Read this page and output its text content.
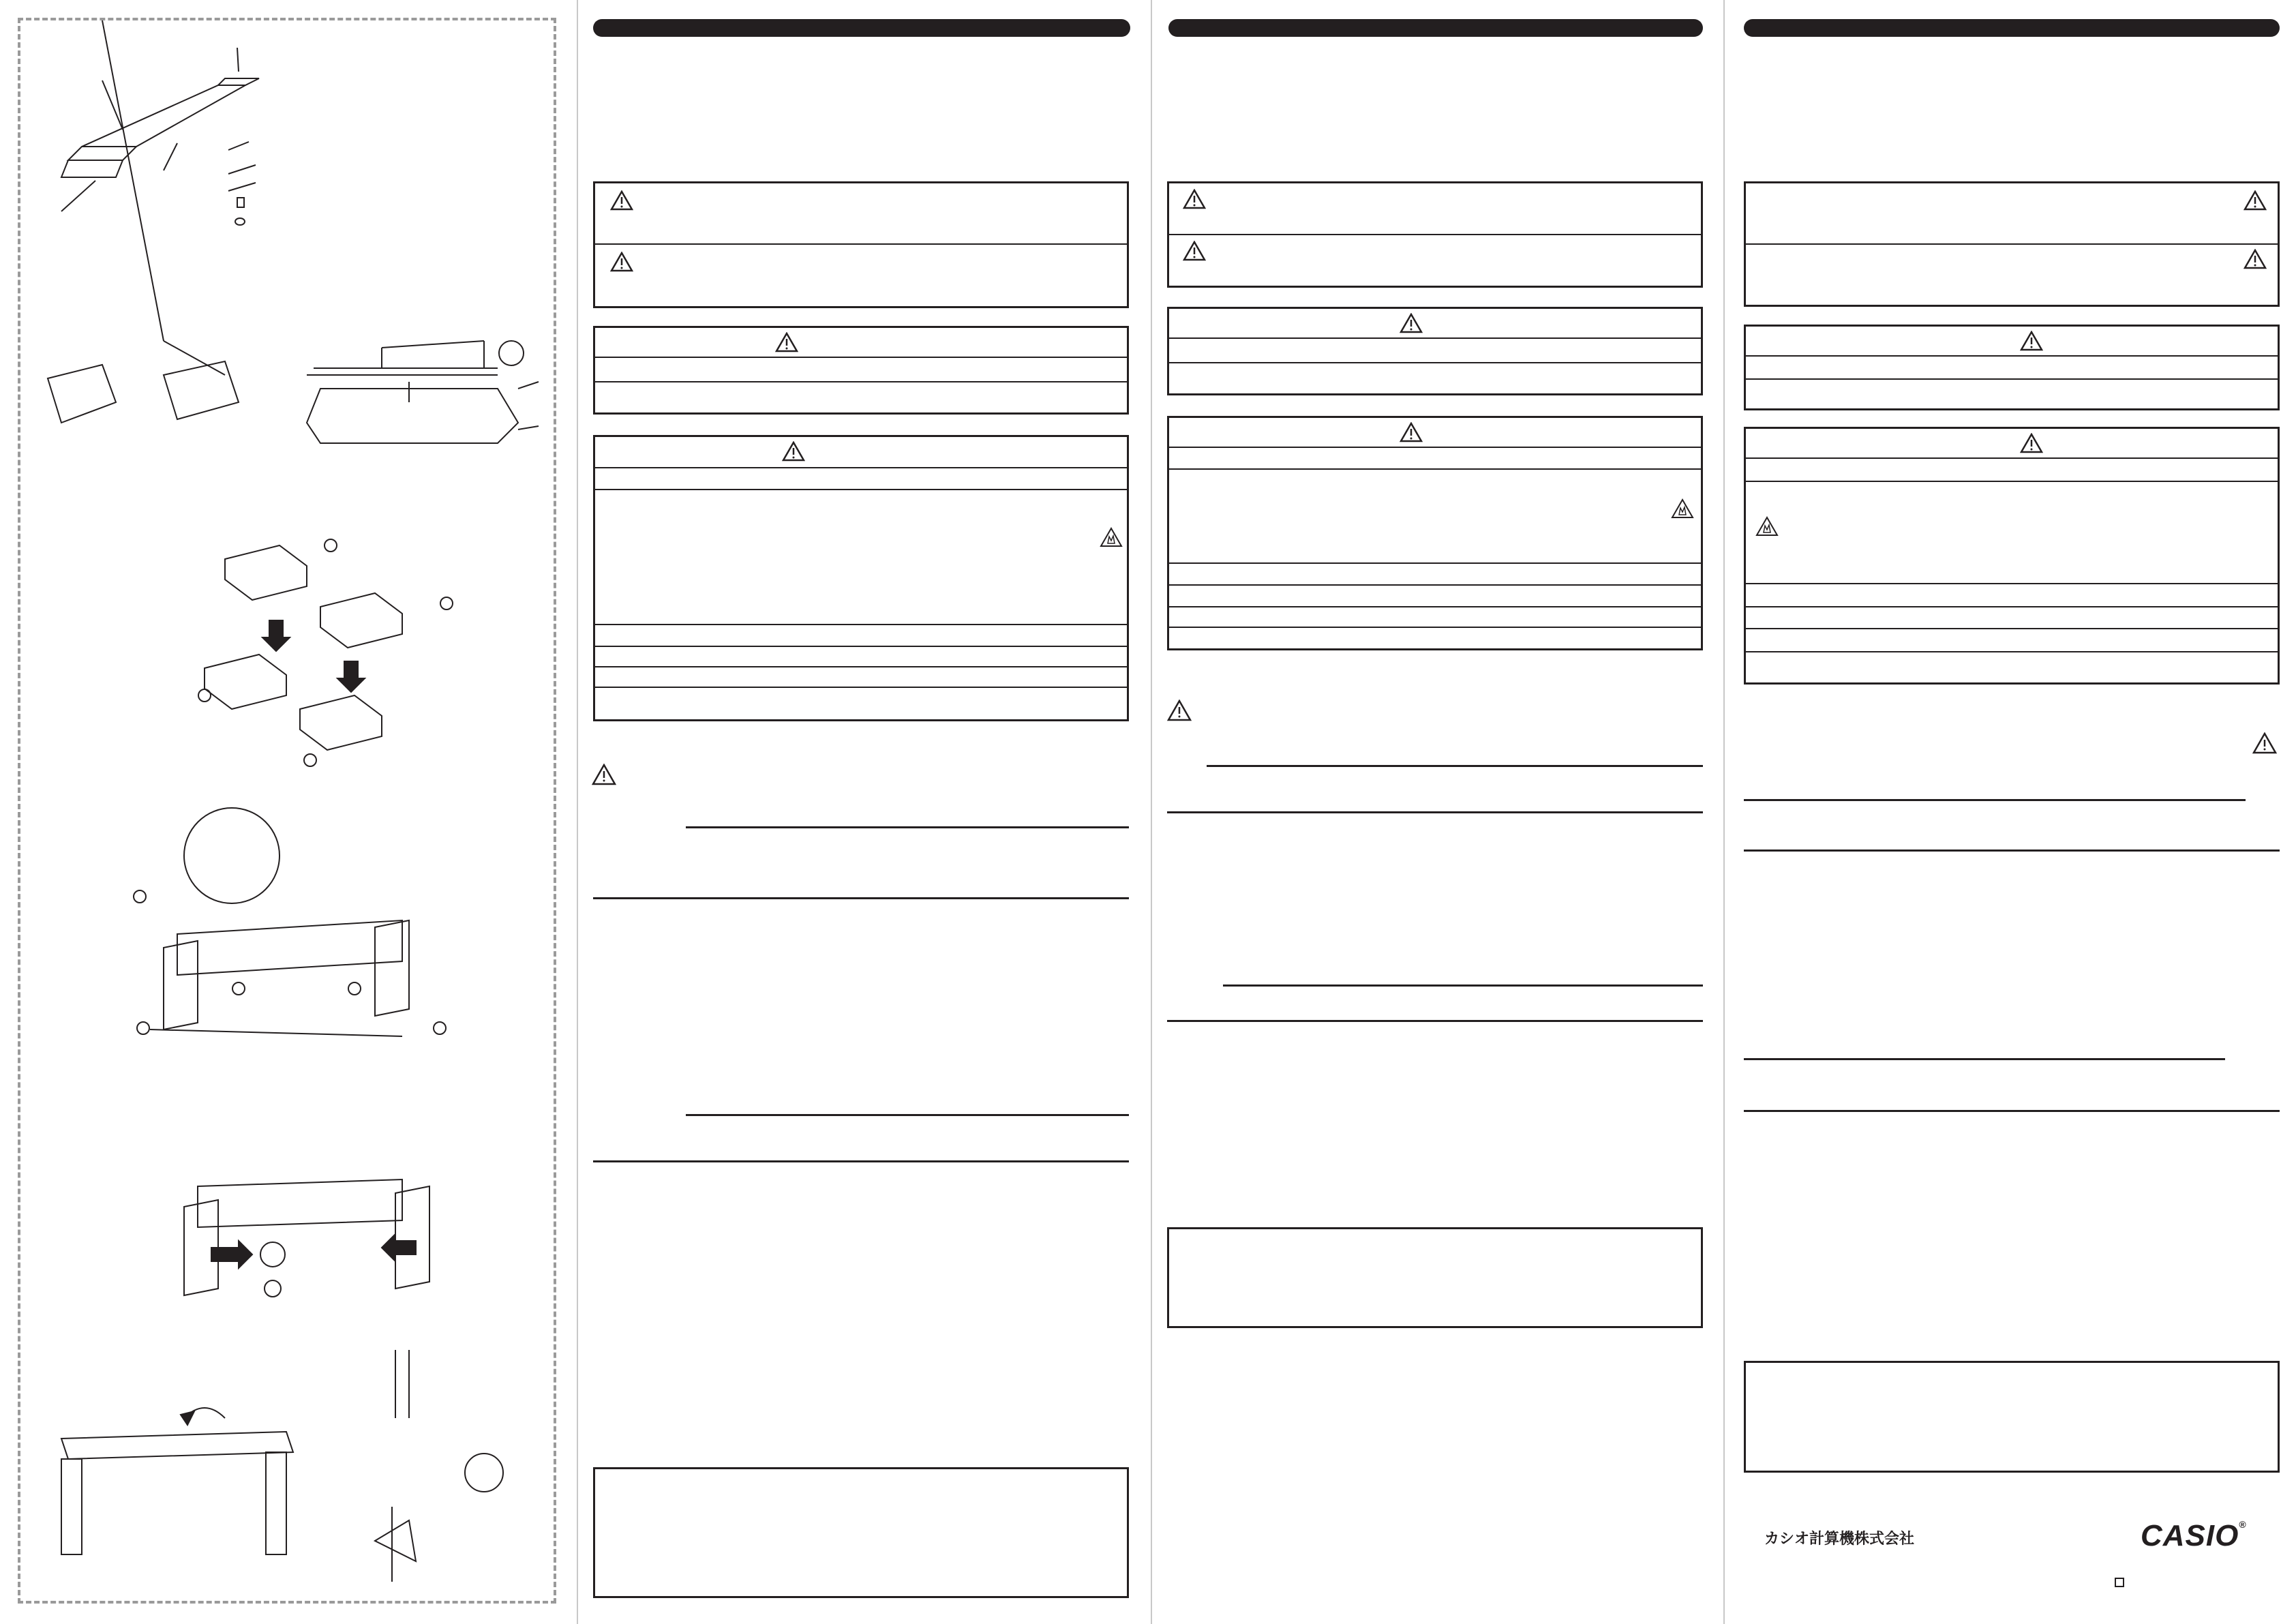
カシオ計算機株式会社	CASIO®
